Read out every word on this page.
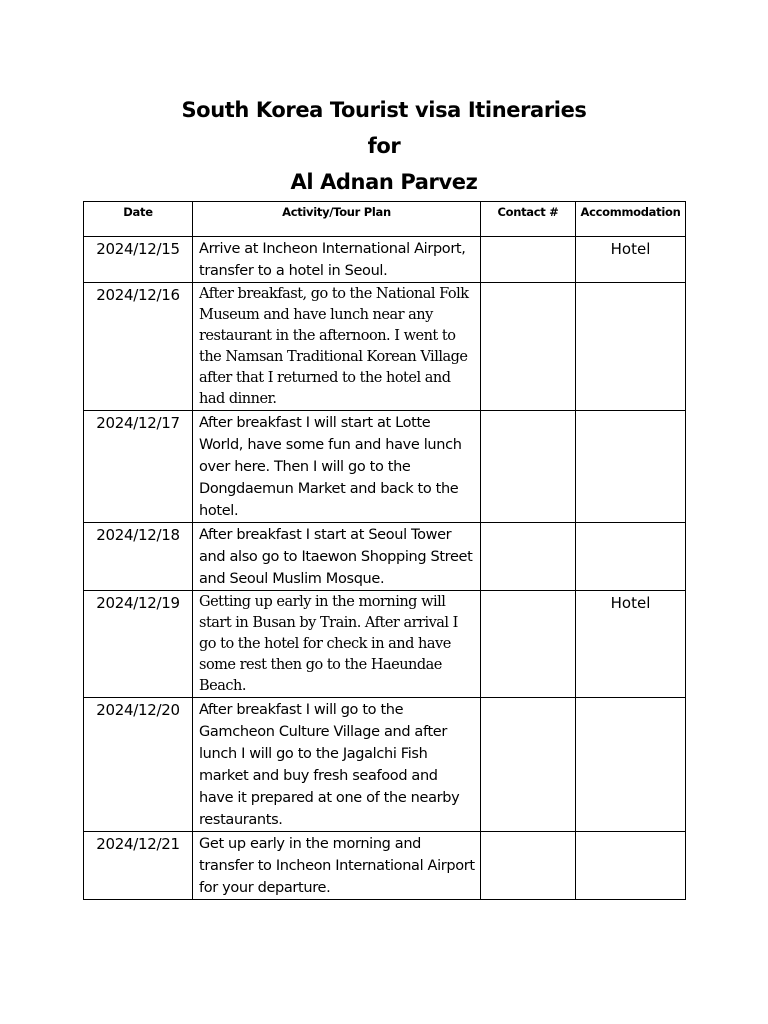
South Korea Tourist visa Itineraries
for
Al Adnan Parvez
Date	Activity/Tour Plan	Contact #	Accommodation
2024/12/15	Arrive at Incheon International Airport, transfer to a hotel in Seoul.		Hotel
2024/12/16	After breakfast, go to the National Folk Museum and have lunch near any restaurant in the afternoon. I went to the Namsan Traditional Korean Village after that I returned to the hotel and had dinner.		
2024/12/17	After breakfast I will start at Lotte World, have some fun and have lunch over here. Then I will go to the Dongdaemun Market and back to the hotel.		
2024/12/18	After breakfast I start at Seoul Tower and also go to Itaewon Shopping Street and Seoul Muslim Mosque.		
2024/12/19	Getting up early in the morning will start in Busan by Train. After arrival I go to the hotel for check in and have some rest then go to the Haeundae Beach.		Hotel
2024/12/20	After breakfast I will go to the Gamcheon Culture Village and after lunch I will go to the Jagalchi Fish market and buy fresh seafood and have it prepared at one of the nearby restaurants.		
2024/12/21	Get up early in the morning and transfer to Incheon International Airport for your departure.		
